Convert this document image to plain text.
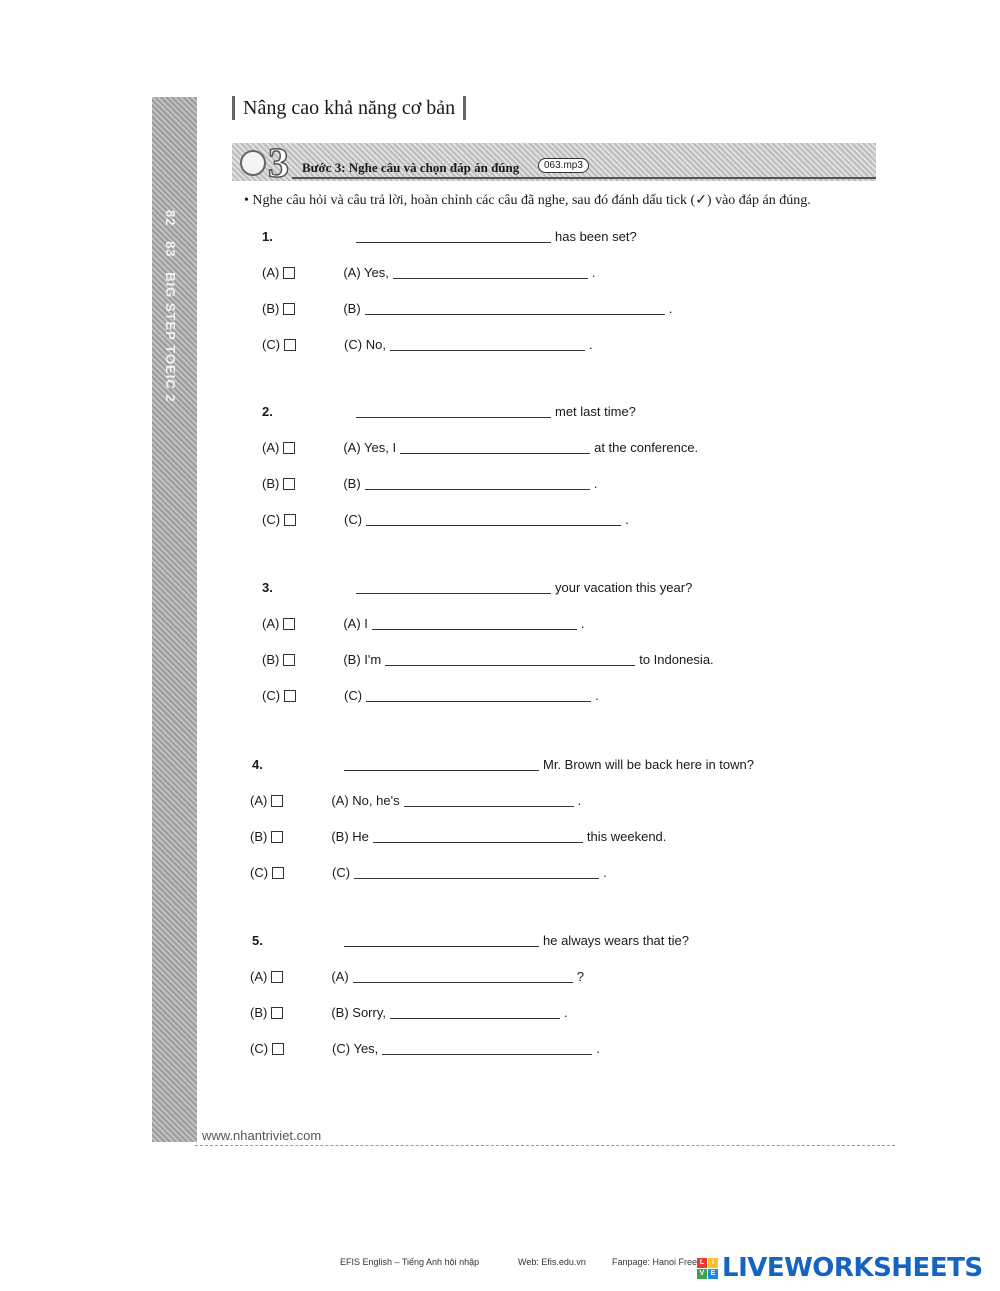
82 83 BIG STEP TOEIC 2
Nâng cao khả năng cơ bản
3 Bước 3: Nghe câu và chọn đáp án đúng	063.mp3
• Nghe câu hỏi và câu trả lời, hoàn chỉnh các câu đã nghe, sau đó đánh dấu tick (✓) vào đáp án đúng.
1.	has been set?
(A)	(A) Yes,	.
(B)	(B)	.
(C)	(C) No,	.
2.	met last time?
(A)	(A) Yes, I	at the conference.
(B)	(B)	.
(C)	(C)	.
3.	your vacation this year?
(A)	(A) I	.
(B)	(B) I'm	to Indonesia.
(C)	(C)	.
4.	Mr. Brown will be back here in town?
(A)	(A) No, he's	.
(B)	(B) He	this weekend.
(C)	(C)	.
5.	he always wears that tie?
(A)	(A)	?
(B)	(B) Sorry,	.
(C)	(C) Yes,	.
www.nhantriviet.com
EFIS English – Tiếng Anh hội nhập	Web: Efis.edu.vn	Fanpage: Hanoi Free L	I
V E LIVEWORKSHEETS
